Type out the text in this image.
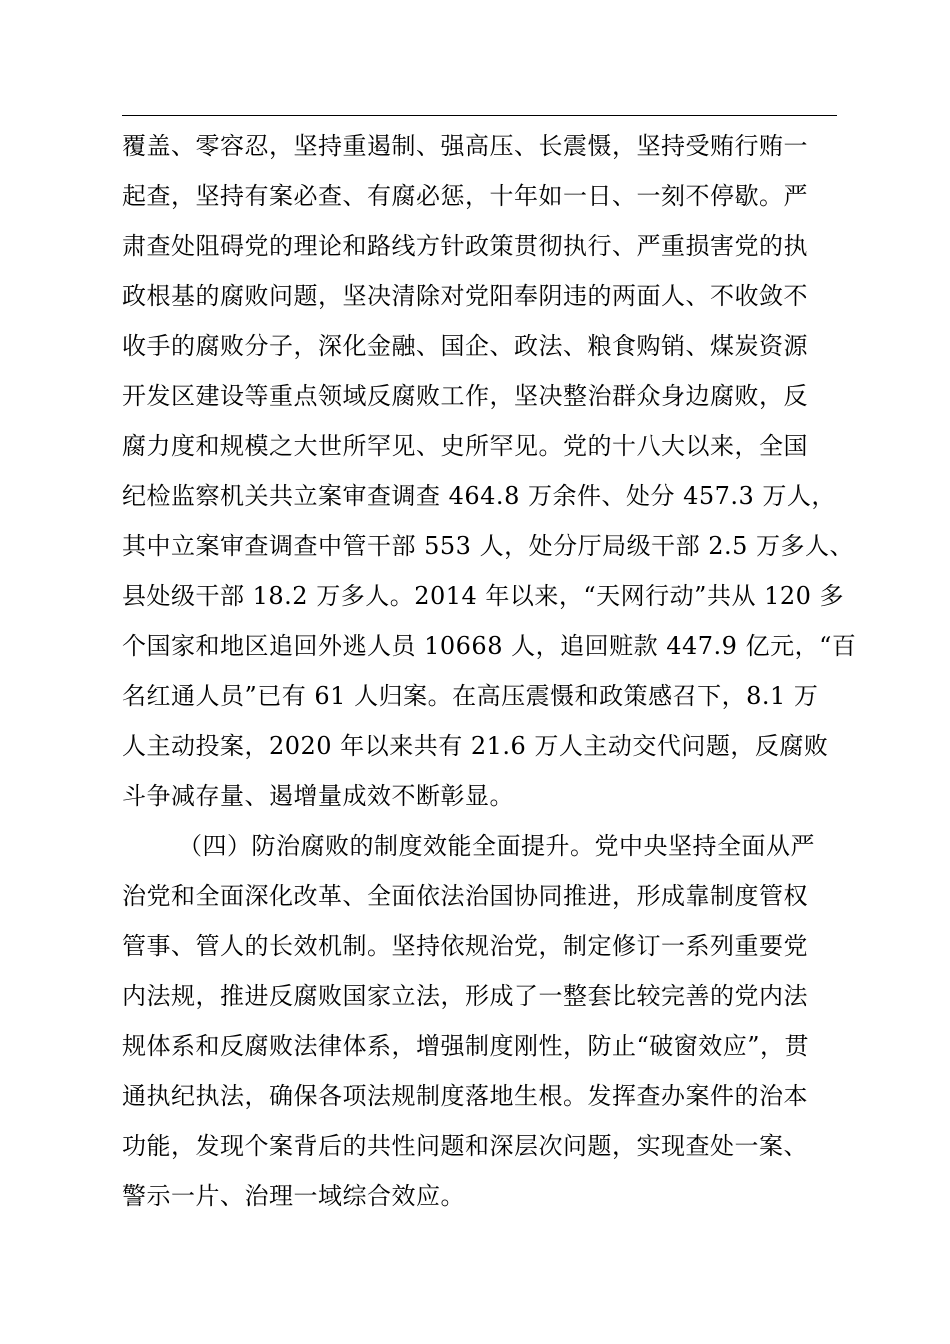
覆盖、零容忍，坚持重遏制、强高压、长震慑，坚持受贿行贿一
起查，坚持有案必查、有腐必惩，十年如一日、一刻不停歇。严
肃查处阻碍党的理论和路线方针政策贯彻执行、严重损害党的执
政根基的腐败问题，坚决清除对党阳奉阴违的两面人、不收敛不
收手的腐败分子，深化金融、国企、政法、粮食购销、煤炭资源
开发区建设等重点领域反腐败工作，坚决整治群众身边腐败，反
腐力度和规模之大世所罕见、史所罕见。党的十八大以来，全国
纪检监察机关共立案审查调查 464.8 万余件、处分 457.3 万人，
其中立案审查调查中管干部 553 人，处分厅局级干部 2.5 万多人、
县处级干部 18.2 万多人。2014 年以来，“天网行动”共从 120 多
个国家和地区追回外逃人员 10668 人，追回赃款 447.9 亿元，“百
名红通人员”已有 61 人归案。在高压震慑和政策感召下，8.1 万
人主动投案，2020 年以来共有 21.6 万人主动交代问题，反腐败
斗争减存量、遏增量成效不断彰显。
（四）防治腐败的制度效能全面提升。党中央坚持全面从严
治党和全面深化改革、全面依法治国协同推进，形成靠制度管权
管事、管人的长效机制。坚持依规治党，制定修订一系列重要党
内法规，推进反腐败国家立法，形成了一整套比较完善的党内法
规体系和反腐败法律体系，增强制度刚性，防止“破窗效应”，贯
通执纪执法，确保各项法规制度落地生根。发挥查办案件的治本
功能，发现个案背后的共性问题和深层次问题，实现查处一案、
警示一片、治理一域综合效应。
